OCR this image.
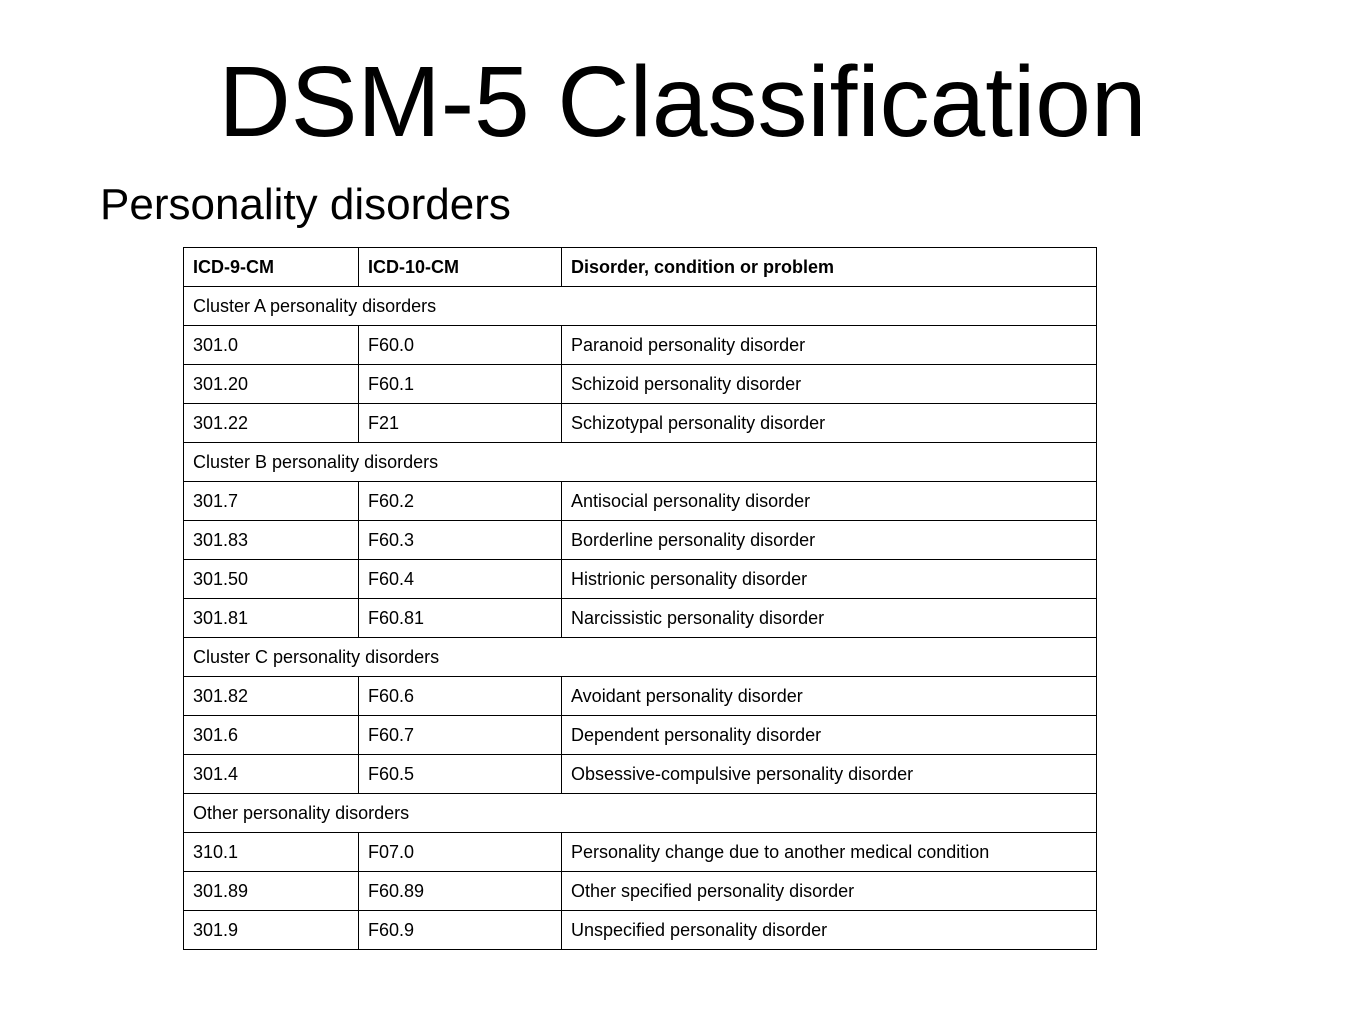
DSM-5 Classification
Personality disorders
ICD-9-CM	ICD-10-CM	Disorder, condition or problem
Cluster A personality disorders		
301.0	F60.0	Paranoid personality disorder
301.20	F60.1	Schizoid personality disorder
301.22	F21	Schizotypal personality disorder
Cluster B personality disorders		
301.7	F60.2	Antisocial personality disorder
301.83	F60.3	Borderline personality disorder
301.50	F60.4	Histrionic personality disorder
301.81	F60.81	Narcissistic personality disorder
Cluster C personality disorders		
301.82	F60.6	Avoidant personality disorder
301.6	F60.7	Dependent personality disorder
301.4	F60.5	Obsessive-compulsive personality disorder
Other personality disorders		
310.1	F07.0	Personality change due to another medical condition
301.89	F60.89	Other specified personality disorder
301.9	F60.9	Unspecified personality disorder
